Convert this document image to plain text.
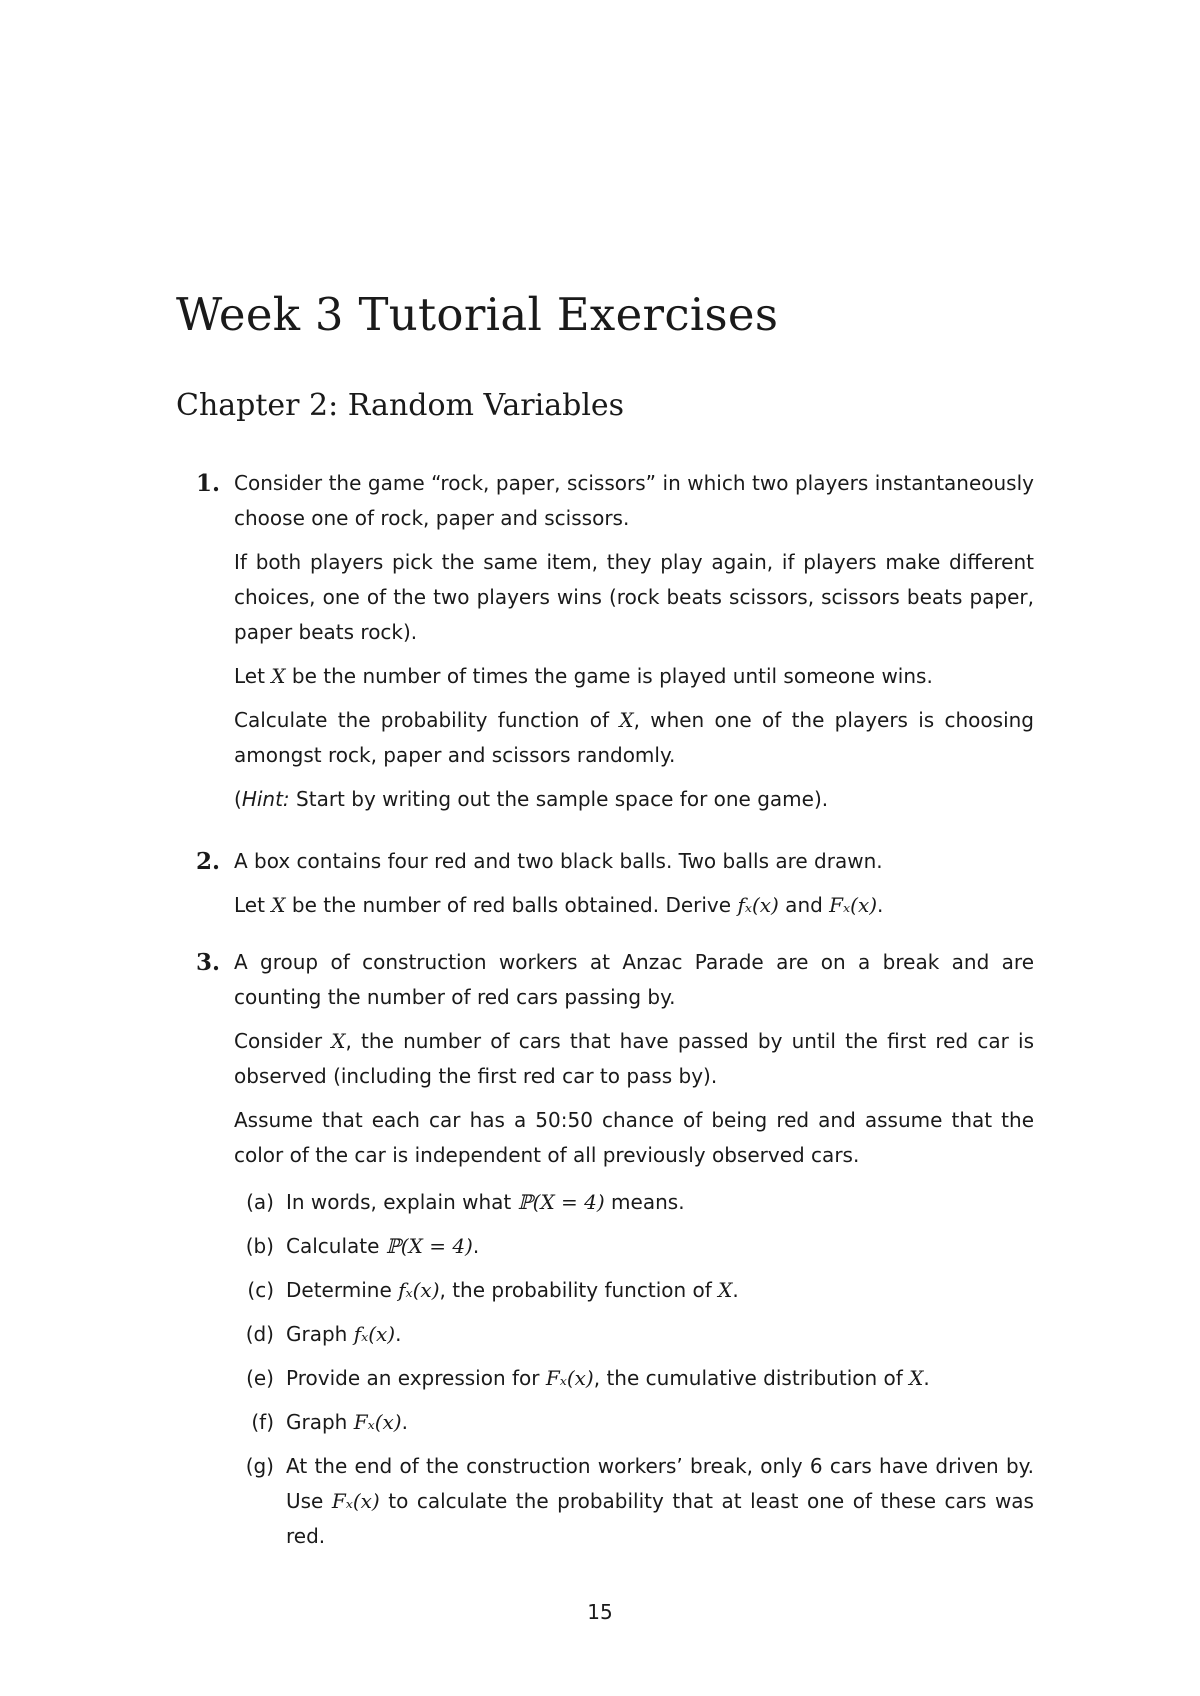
Week 3 Tutorial Exercises
Chapter 2: Random Variables
1. Consider the game “rock, paper, scissors” in which two players instantaneously choose one of rock, paper and scissors.

If both players pick the same item, they play again, if players make different choices, one of the two players wins (rock beats scissors, scissors beats paper, paper beats rock).

Let X be the number of times the game is played until someone wins.

Calculate the probability function of X, when one of the players is choosing amongst rock, paper and scissors randomly.

(Hint: Start by writing out the sample space for one game).

2. A box contains four red and two black balls. Two balls are drawn.

Let X be the number of red balls obtained. Derive fₓ(x) and Fₓ(x).

3. A group of construction workers at Anzac Parade are on a break and are counting the number of red cars passing by.

Consider X, the number of cars that have passed by until the first red car is observed (including the first red car to pass by).

Assume that each car has a 50:50 chance of being red and assume that the color of the car is independent of all previously observed cars.

(a) In words, explain what ℙ(X = 4) means.
(b) Calculate ℙ(X = 4).
(c) Determine fₓ(x), the probability function of X.
(d) Graph fₓ(x).
(e) Provide an expression for Fₓ(x), the cumulative distribution of X.
(f) Graph Fₓ(x).
(g) At the end of the construction workers’ break, only 6 cars have driven by. Use Fₓ(x) to calculate the probability that at least one of these cars was red.
15
